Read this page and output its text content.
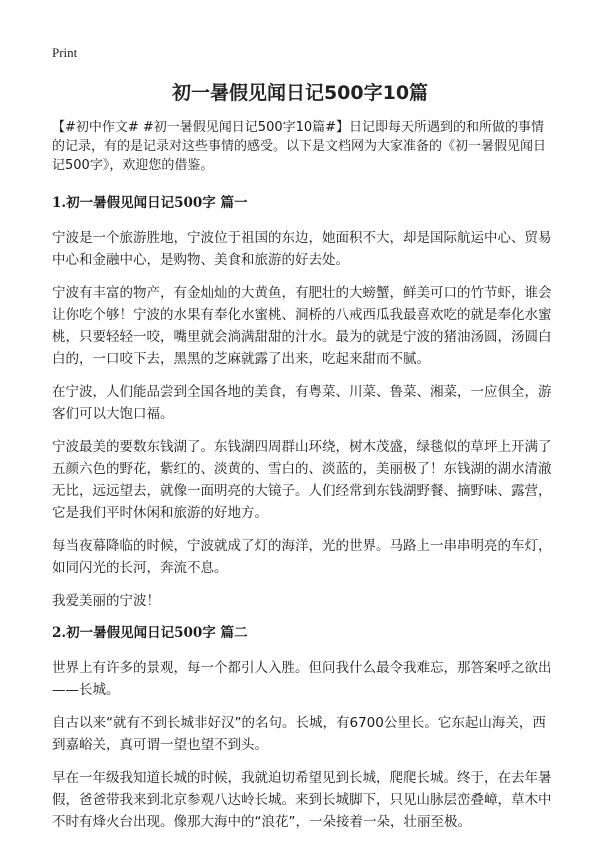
Print
初一暑假见闻日记500字10篇

【#初中作文# #初一暑假见闻日记500字10篇#】日记即每天所遇到的和所做的事情的记录，有的是记录对这些事情的感受。以下是文档网为大家准备的《初一暑假见闻日记500字》，欢迎您的借鉴。

1.初一暑假见闻日记500字 篇一

宁波是一个旅游胜地，宁波位于祖国的东边，她面积不大，却是国际航运中心、贸易中心和金融中心，是购物、美食和旅游的好去处。

宁波有丰富的物产，有金灿灿的大黄鱼，有肥壮的大螃蟹，鲜美可口的竹节虾，谁会让你吃个够！宁波的水果有奉化水蜜桃、洞桥的八戒西瓜我最喜欢吃的就是奉化水蜜桃，只要轻轻一咬，嘴里就会淌满甜甜的汁水。最为的就是宁波的猪油汤圆，汤圆白白的，一口咬下去，黑黑的芝麻就露了出来，吃起来甜而不腻。

在宁波，人们能品尝到全国各地的美食，有粤菜、川菜、鲁菜、湘菜，一应俱全，游客们可以大饱口福。

宁波最美的要数东钱湖了。东钱湖四周群山环绕，树木茂盛，绿毯似的草坪上开满了五颜六色的野花，紫红的、淡黄的、雪白的、淡蓝的，美丽极了！东钱湖的湖水清澈无比，远远望去，就像一面明亮的大镜子。人们经常到东钱湖野餐、摘野味、露营，它是我们平时休闲和旅游的好地方。

每当夜幕降临的时候，宁波就成了灯的海洋，光的世界。马路上一串串明亮的车灯，如同闪光的长河，奔流不息。

我爱美丽的宁波！

2.初一暑假见闻日记500字 篇二

世界上有许多的景观，每一个都引人入胜。但问我什么最令我难忘，那答案呼之欲出——长城。

自古以来“就有不到长城非好汉”的名句。长城，有6700公里长。它东起山海关，西到嘉峪关，真可谓一望也望不到头。

早在一年级我知道长城的时候，我就迫切希望见到长城，爬爬长城。终于，在去年暑假，爸爸带我来到北京参观八达岭长城。来到长城脚下，只见山脉层峦叠嶂，草木中不时有烽火台出现。像那大海中的“浪花”，一朵接着一朵，壮丽至极。
